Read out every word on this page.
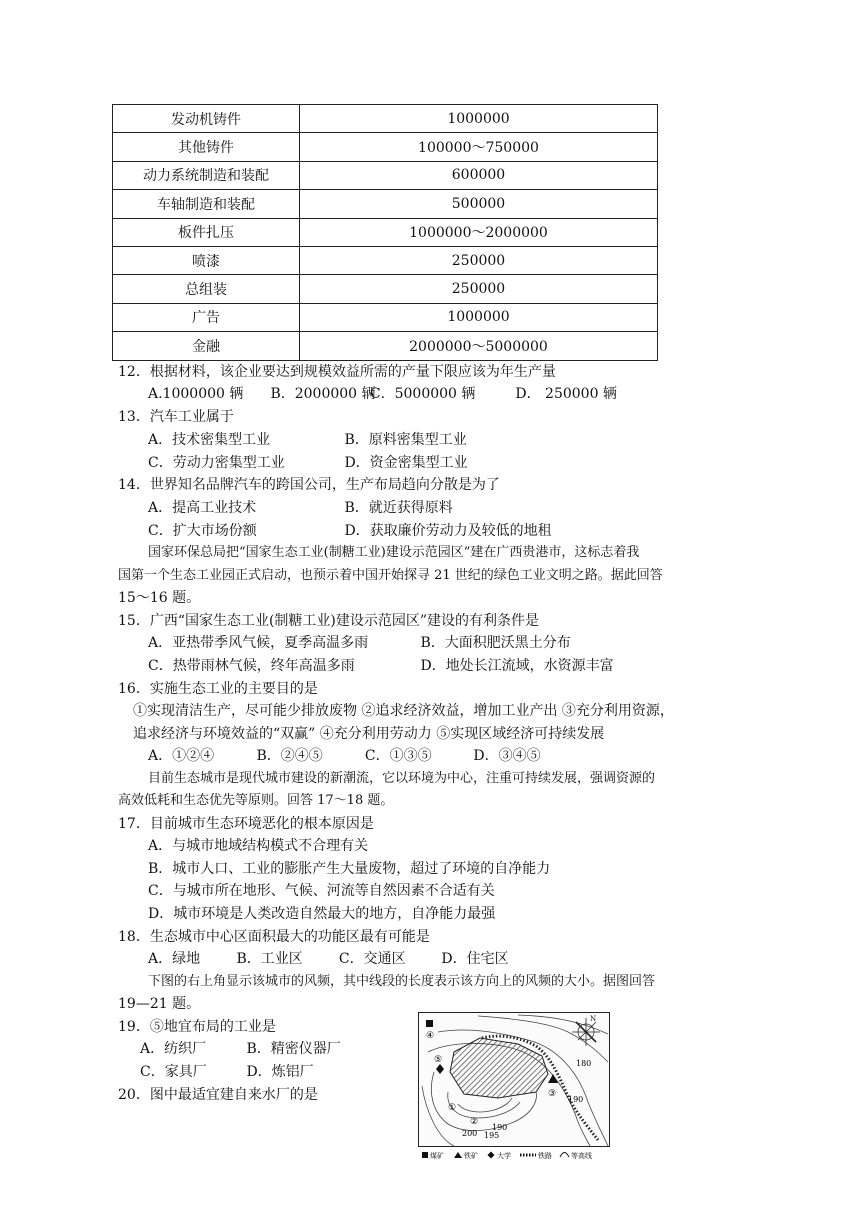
发动机铸件	1000000
其他铸件	100000～750000
动力系统制造和装配	600000
车轴制造和装配	500000
板件扎压	1000000～2000000
喷漆	250000
总组装	250000
广告	1000000
金融	2000000～5000000
12．根据材料，该企业要达到规模效益所需的产量下限应该为年生产量
A.1000000 辆 B．2000000 辆 C．5000000 辆	D． 250000 辆
13．汽车工业属于
A．技术密集型工业	B．原料密集型工业
C．劳动力密集型工业	D．资金密集型工业
14．世界知名品牌汽车的跨国公司，生产布局趋向分散是为了
A．提高工业技术	B．就近获得原料
C．扩大市场份额	D．获取廉价劳动力及较低的地租
国家环保总局把“国家生态工业(制糖工业)建设示范园区”建在广西贵港市，这标志着我
国第一个生态工业园正式启动，也预示着中国开始探寻 21 世纪的绿色工业文明之路。据此回答
15～16 题。
15．广西“国家生态工业(制糖工业)建设示范园区”建设的有利条件是
A．亚热带季风气候，夏季高温多雨	B．大面积肥沃黑土分布
C．热带雨林气候，终年高温多雨	D．地处长江流域，水资源丰富
16．实施生态工业的主要目的是
①实现清洁生产，尽可能少排放废物 ②追求经济效益，增加工业产出 ③充分利用资源，
追求经济与环境效益的“双赢” ④充分利用劳动力 ⑤实现区域经济可持续发展
A．①②④	B．②④⑤	C．①③⑤	D．③④⑤
目前生态城市是现代城市建设的新潮流，它以环境为中心，注重可持续发展，强调资源的
高效低耗和生态优先等原则。回答 17～18 题。
17．目前城市生态环境恶化的根本原因是
A．与城市地域结构模式不合理有关
B．城市人口、工业的膨胀产生大量废物，超过了环境的自净能力
C．与城市所在地形、气候、河流等自然因素不合适有关
D．城市环境是人类改造自然最大的地方，自净能力最强
18．生态城市中心区面积最大的功能区最有可能是
A．绿地	B．工业区	C．交通区	D．住宅区
下图的右上角显示该城市的风频，其中线段的长度表示该方向上的风频的大小。据图回答
19—21 题。
19．⑤地宜布局的工业是
A．纺织厂	B．精密仪器厂
C．家具厂	D．炼铝厂
20．图中最适宜建自来水厂的是
N
180
190
190
195
200
①
②
③
④
⑤
煤矿	铁矿	大学	铁路	等高线
